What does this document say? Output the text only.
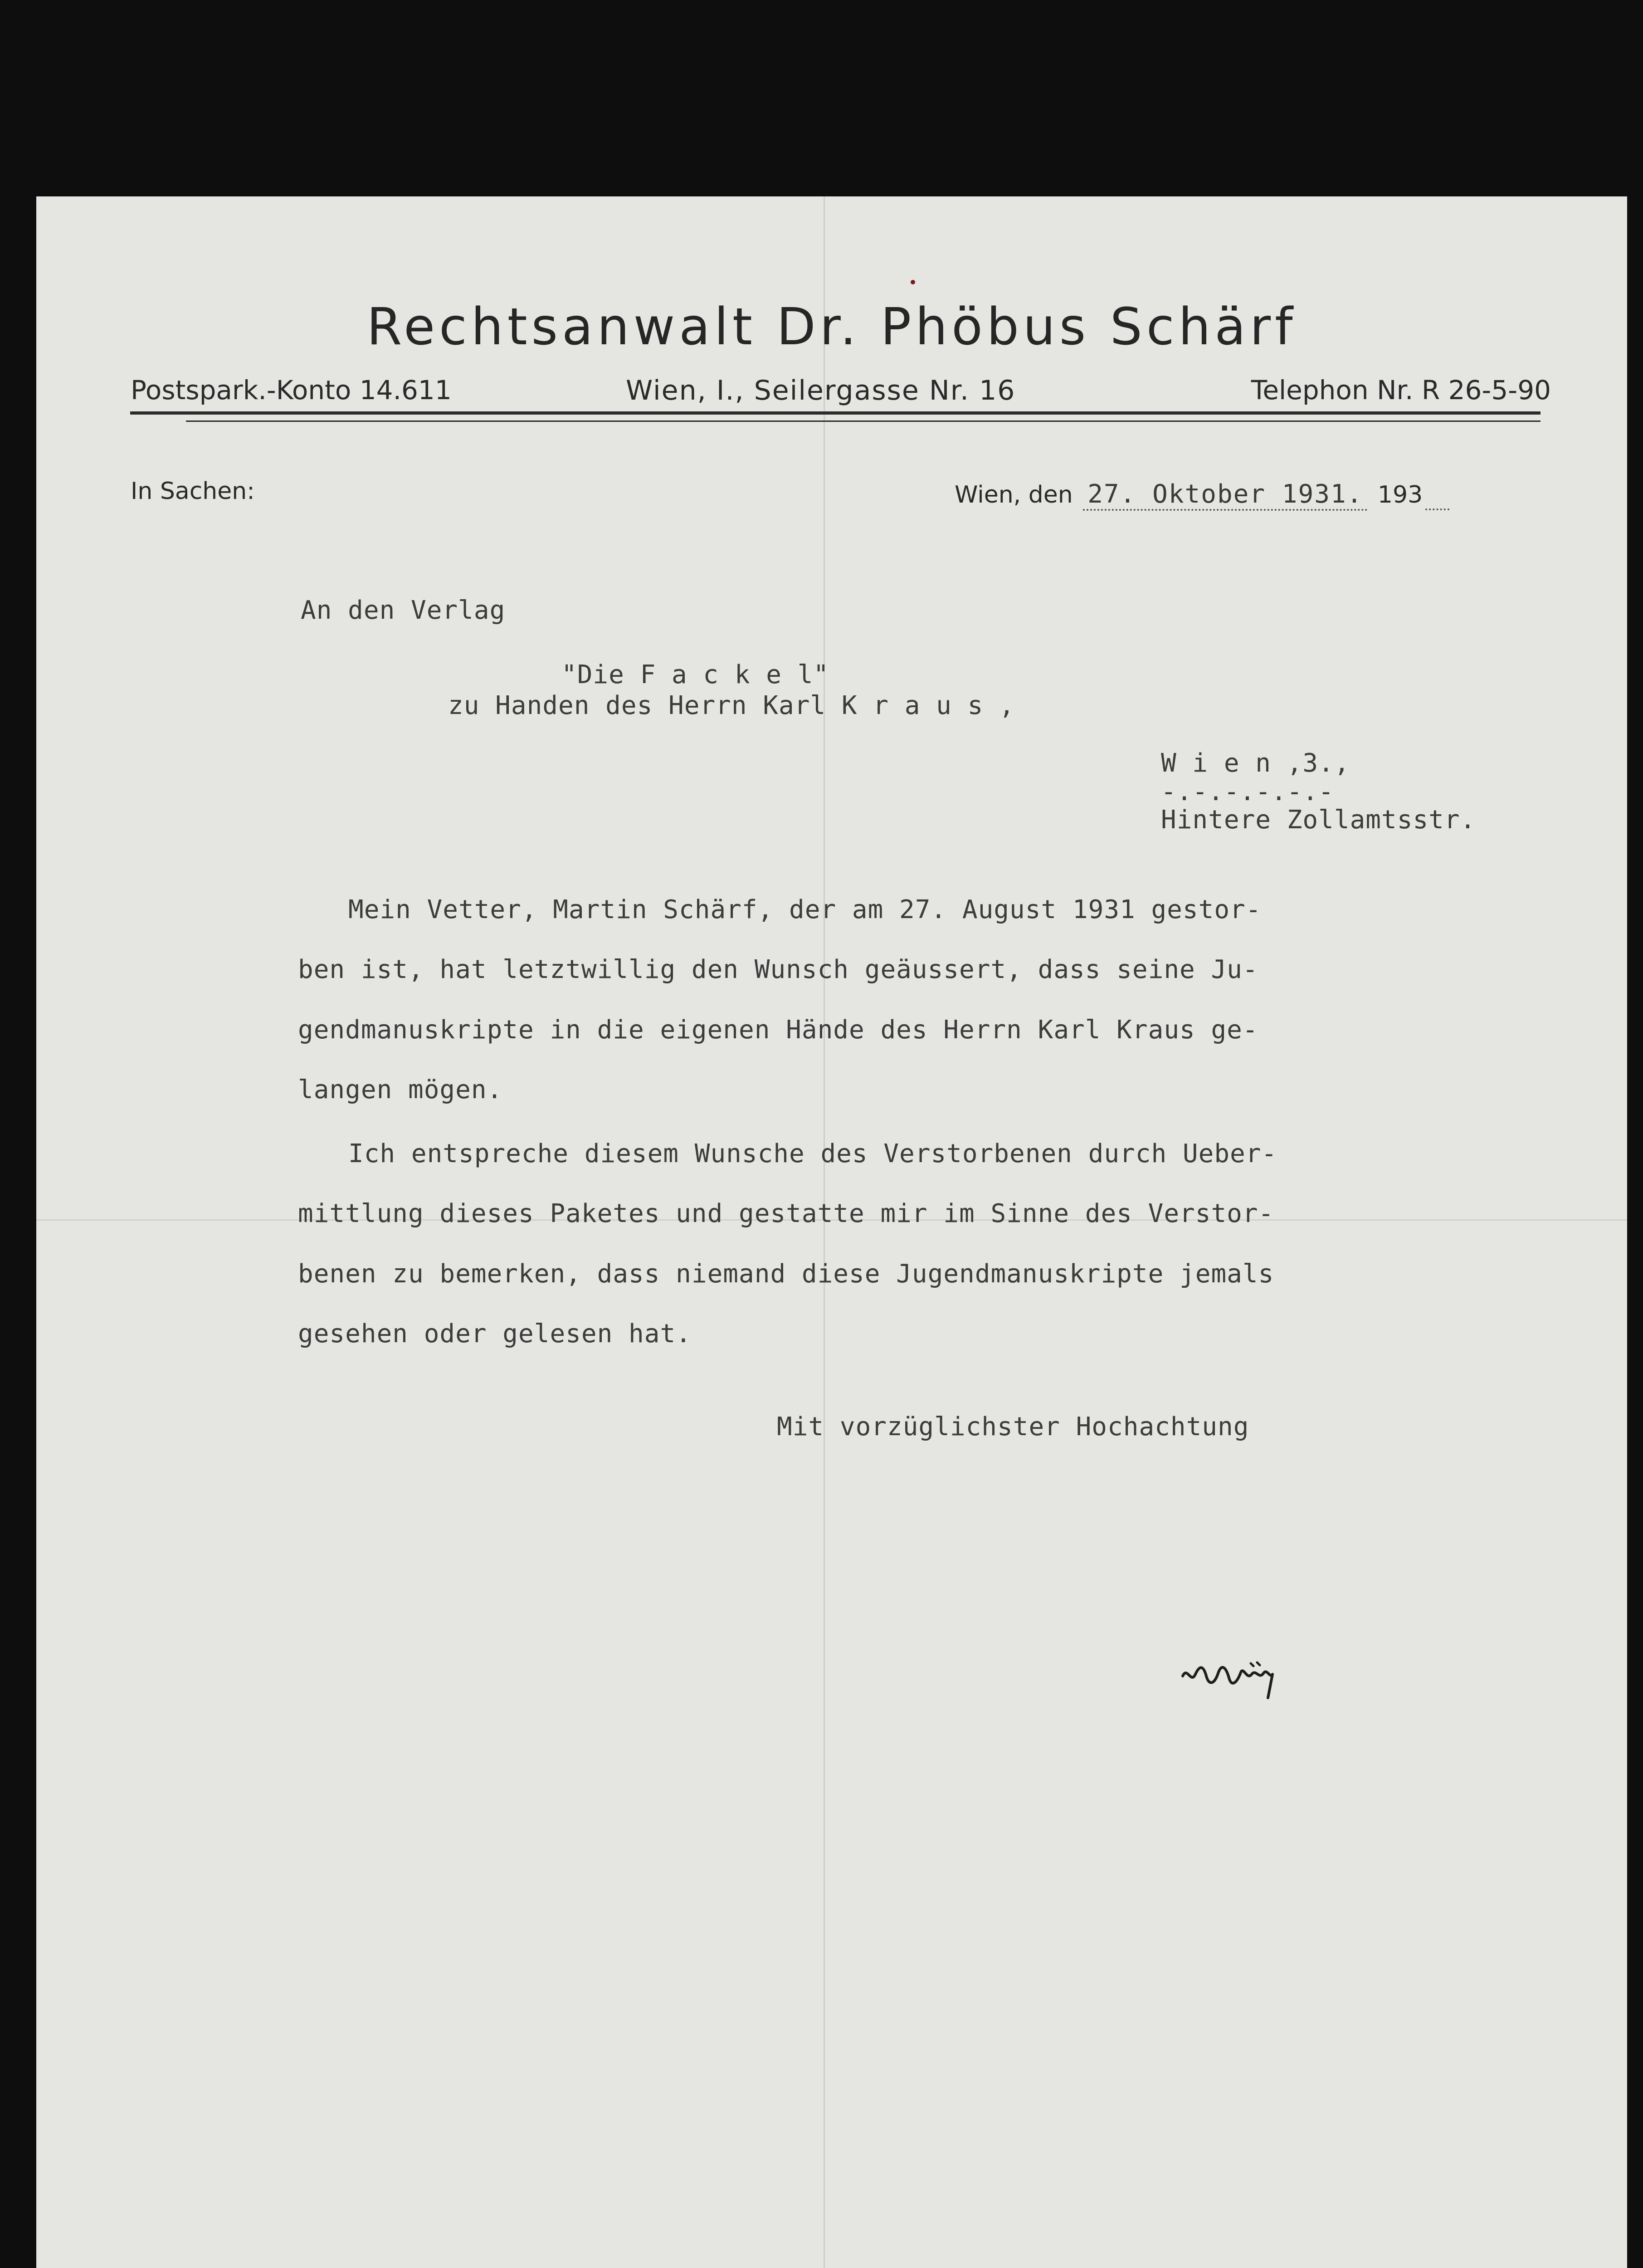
Rechtsanwalt Dr. Phöbus Schärf
Postspark.-Konto 14.611	Wien, I., Seilergasse Nr. 16	Telephon Nr. R 26-5-90
In Sachen:	Wien, den 27. Oktober 1931. 193
An den Verlag
"Die F a c k e l"
zu Handen des Herrn Karl K r a u s ,
W i e n ,3.,
-.-.-.-.-.-
Hintere Zollamtsstr.
Mein Vetter, Martin Schärf, der am 27. August 1931 gestor-
ben ist, hat letztwillig den Wunsch geäussert, dass seine Ju-
gendmanuskripte in die eigenen Hände des Herrn Karl Kraus ge-
langen mögen.
Ich entspreche diesem Wunsche des Verstorbenen durch Ueber-
mittlung dieses Paketes und gestatte mir im Sinne des Verstor-
benen zu bemerken, dass niemand diese Jugendmanuskripte jemals
gesehen oder gelesen hat.
Mit vorzüglichster Hochachtung
